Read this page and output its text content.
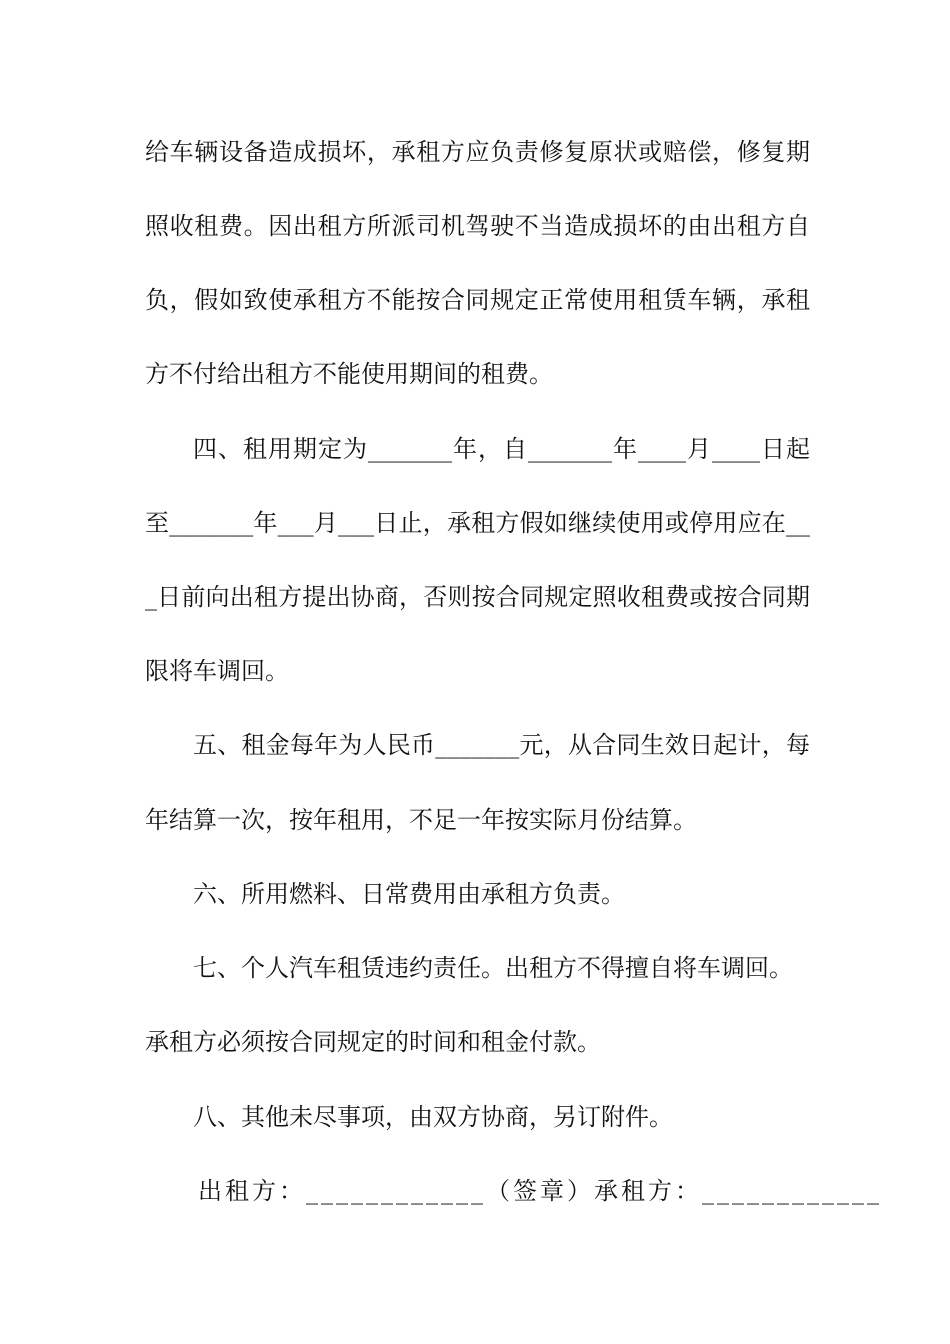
给车辆设备造成损坏，承租方应负责修复原状或赔偿，修复期
照收租费。因出租方所派司机驾驶不当造成损坏的由出租方自
负，假如致使承租方不能按合同规定正常使用租赁车辆，承租
方不付给出租方不能使用期间的租费。
四、租用期定为_______年，自_______年____月____日起
至_______年___月___日止，承租方假如继续使用或停用应在__
_日前向出租方提出协商，否则按合同规定照收租费或按合同期
限将车调回。
五、租金每年为人民币_______元，从合同生效日起计，每
年结算一次，按年租用，不足一年按实际月份结算。
六、所用燃料、日常费用由承租方负责。
七、个人汽车租赁违约责任。出租方不得擅自将车调回。
承租方必须按合同规定的时间和租金付款。
八、其他未尽事项，由双方协商，另订附件。
出租方：____________（签章）承租方：____________
